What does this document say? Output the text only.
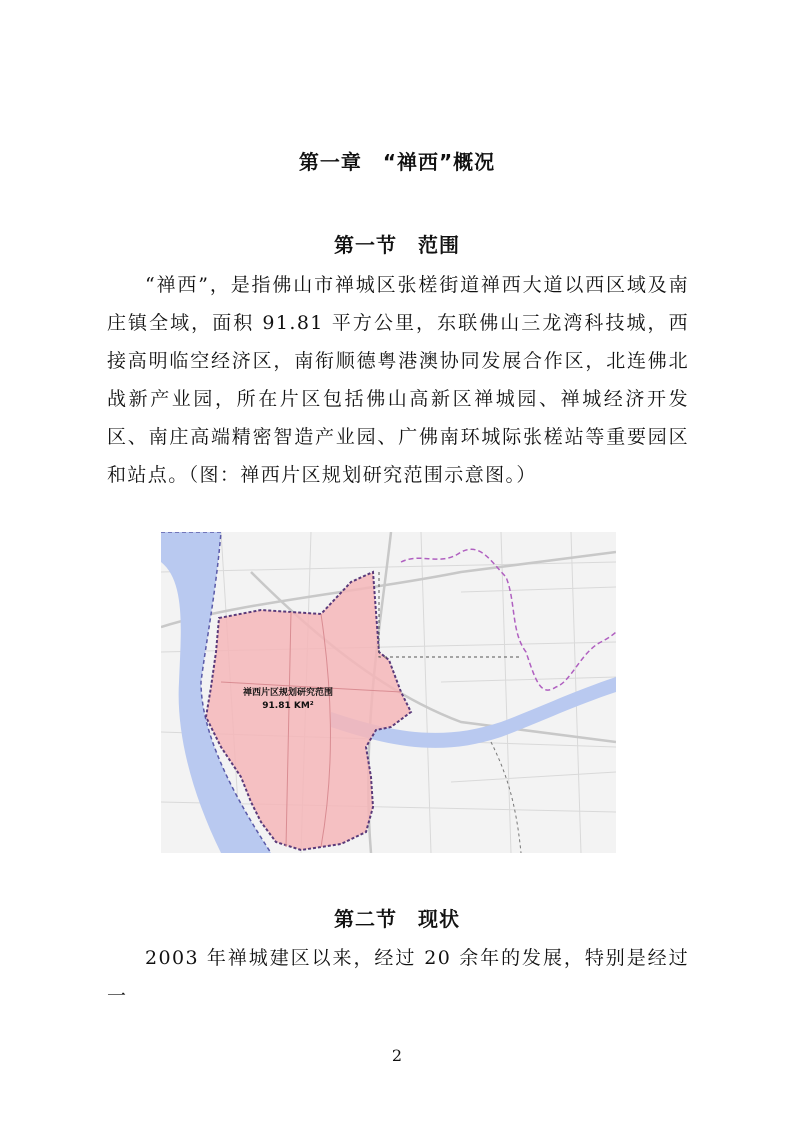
第一章　“禅西”概况
第一节　范围
“禅西”，是指佛山市禅城区张槎街道禅西大道以西区域及南庄镇全域，面积 91.81 平方公里，东联佛山三龙湾科技城，西接高明临空经济区，南衔顺德粤港澳协同发展合作区，北连佛北战新产业园，所在片区包括佛山高新区禅城园、禅城经济开发区、南庄高端精密智造产业园、广佛南环城际张槎站等重要园区和站点。（图：禅西片区规划研究范围示意图。）
禅西片区规划研究范围
91.81 KM²
第二节　现状
2003 年禅城建区以来，经过 20 余年的发展，特别是经过一
2
